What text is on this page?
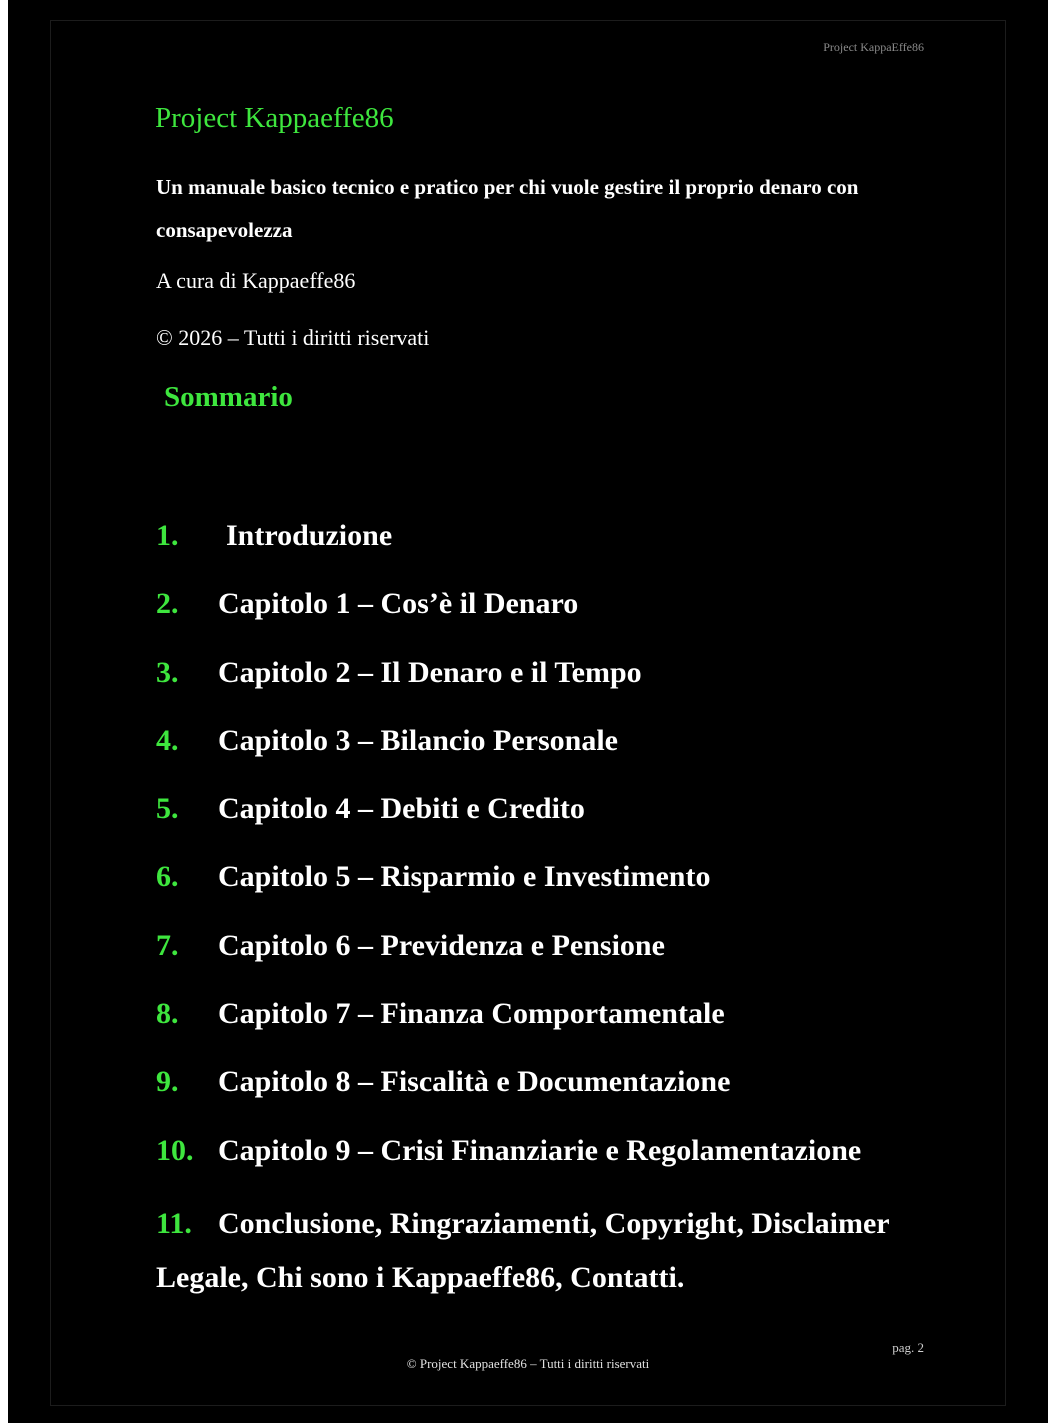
Project KappaEffe86
Project Kappaeffe86

Un manuale basico tecnico e pratico per chi vuole gestire il proprio denaro con consapevolezza

A cura di Kappaeffe86

© 2026 – Tutti i diritti riservati

Sommario
1. Introduzione
2. Capitolo 1 – Cos’è il Denaro
3. Capitolo 2 – Il Denaro e il Tempo
4. Capitolo 3 – Bilancio Personale
5. Capitolo 4 – Debiti e Credito
6. Capitolo 5 – Risparmio e Investimento
7. Capitolo 6 – Previdenza e Pensione
8. Capitolo 7 – Finanza Comportamentale
9. Capitolo 8 – Fiscalità e Documentazione
10. Capitolo 9 – Crisi Finanziarie e Regolamentazione
11. Conclusione, Ringraziamenti, Copyright, Disclaimer Legale, Chi sono i Kappaeffe86, Contatti.
pag. 2
© Project Kappaeffe86 – Tutti i diritti riservati
